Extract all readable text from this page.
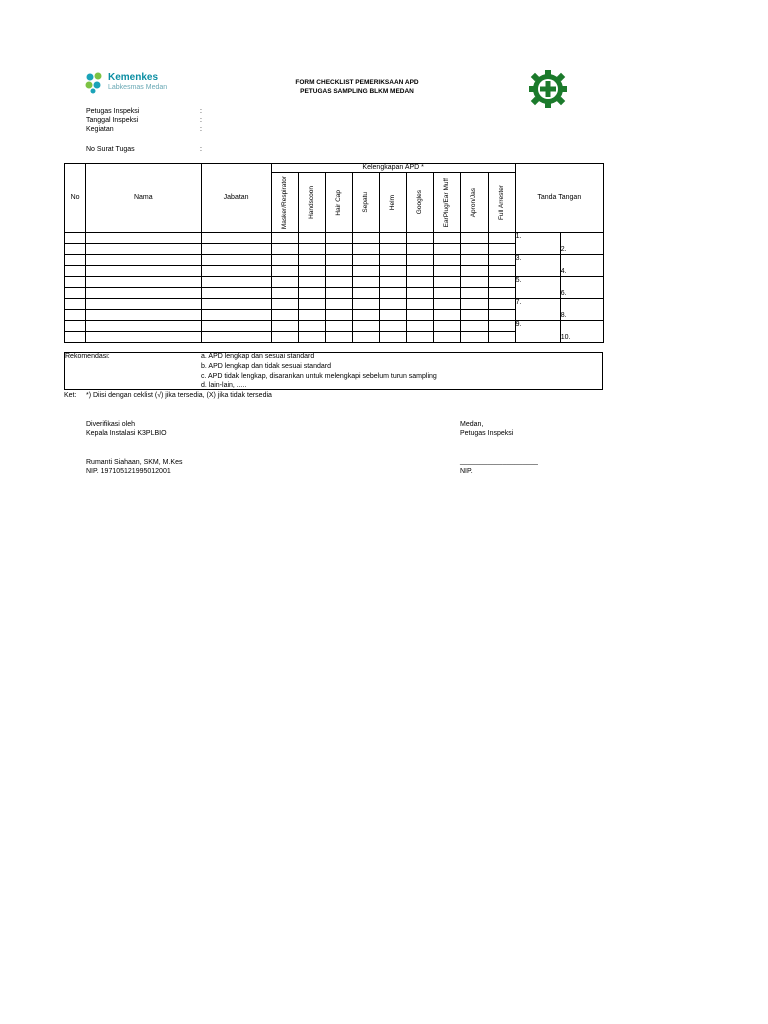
Kemenkes
Labkesmas Medan
FORM CHECKLIST PEMERIKSAAN APD
PETUGAS SAMPLING BLKM MEDAN
Petugas Inspeksi	:
Tanggal Inspeksi	:
Kegiatan	:
No Surat Tugas	:
No	Nama	Jabatan	Kelengkapan APD *									Tanda Tangan	

			Masker/Respirator	Handscoon	Hair Cap	Sepatu	Helm	Googles	EarPlug/Ear Muff	Apron/Jas	Full Arrester		

												1.	
													2.
												3.	
													4.
												5.	
													6.
												7.	
													8.
												9.	
													10.
Rekomendasi:	a. APD lengkap dan sesuai standard
b. APD lengkap dan tidak sesuai standard
c. APD tidak lengkap, disarankan untuk melengkapi sebelum turun sampling
d. lain-lain, .....
Ket: *) Diisi dengan ceklist (√) jika tersedia, (X) jika tidak tersedia
Diverifikasi oleh
Kepala Instalasi K3PLBIO
Rumanti Siahaan, SKM, M.Kes
NIP. 197105121995012001
Medan,
Petugas Inspeksi
____________________
NIP.
